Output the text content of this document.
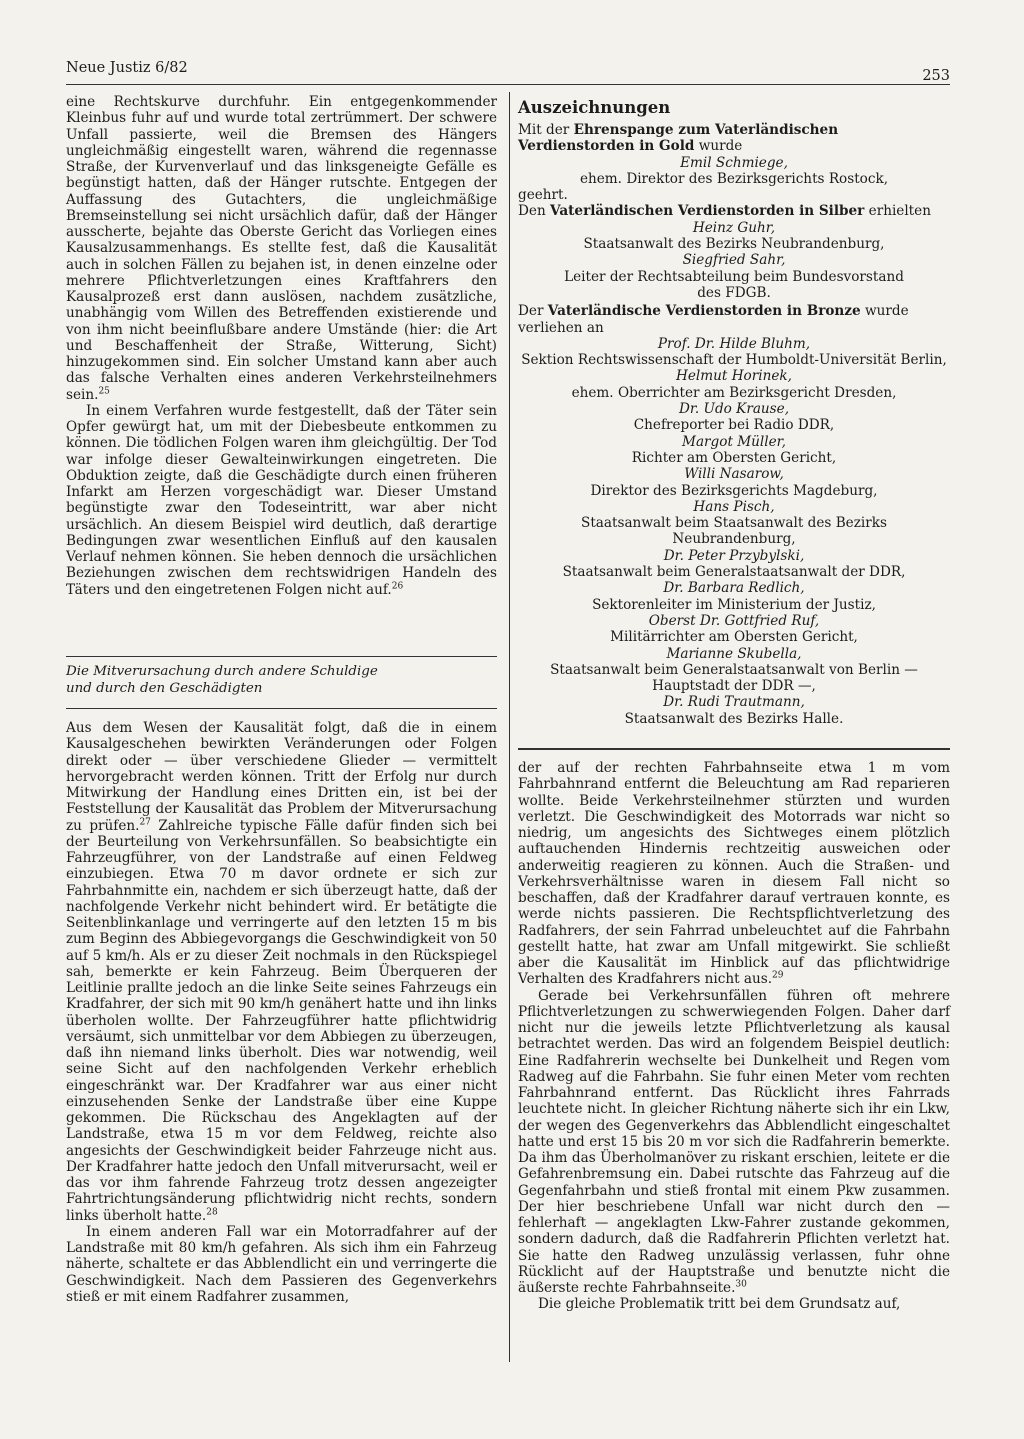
Neue Justiz 6/82	253

eine Rechtskurve durchfuhr. Ein entgegenkommender Kleinbus fuhr auf und wurde total zertrümmert. Der schwere Unfall passierte, weil die Bremsen des Hängers ungleichmäßig eingestellt waren, während die regennasse Straße, der Kurvenverlauf und das linksgeneigte Gefälle es begünstigt hatten, daß der Hänger rutschte. Entgegen der Auffassung des Gutachters, die ungleichmäßige Bremseinstellung sei nicht ursächlich dafür, daß der Hänger ausscherte, bejahte das Oberste Gericht das Vorliegen eines Kausalzusammenhangs. Es stellte fest, daß die Kausalität auch in solchen Fällen zu bejahen ist, in denen einzelne oder mehrere Pflichtverletzungen eines Kraftfahrers den Kausalprozeß erst dann auslösen, nachdem zusätzliche, unabhängig vom Willen des Betreffenden existierende und von ihm nicht beeinflußbare andere Umstände (hier: die Art und Beschaffenheit der Straße, Witterung, Sicht) hinzugekommen sind. Ein solcher Umstand kann aber auch das falsche Verhalten eines anderen Verkehrsteilnehmers sein.$^{25}$

In einem Verfahren wurde festgestellt, daß der Täter sein Opfer gewürgt hat, um mit der Diebesbeute entkommen zu können. Die tödlichen Folgen waren ihm gleichgültig. Der Tod war infolge dieser Gewalteinwirkungen eingetreten. Die Obduktion zeigte, daß die Geschädigte durch einen früheren Infarkt am Herzen vorgeschädigt war. Dieser Umstand begünstigte zwar den Todeseintritt, war aber nicht ursächlich. An diesem Beispiel wird deutlich, daß derartige Bedingungen zwar wesentlichen Einfluß auf den kausalen Verlauf nehmen können. Sie heben dennoch die ursächlichen Beziehungen zwischen dem rechtswidrigen Handeln des Täters und den eingetretenen Folgen nicht auf.$^{26}$

Die Mitverursachung durch andere Schuldige
und durch den Geschädigten

Aus dem Wesen der Kausalität folgt, daß die in einem Kausalgeschehen bewirkten Veränderungen oder Folgen direkt oder — über verschiedene Glieder — vermittelt hervorgebracht werden können. Tritt der Erfolg nur durch Mitwirkung der Handlung eines Dritten ein, ist bei der Feststellung der Kausalität das Problem der Mitverursachung zu prüfen.$^{27}$ Zahlreiche typische Fälle dafür finden sich bei der Beurteilung von Verkehrsunfällen. So beabsichtigte ein Fahrzeugführer, von der Landstraße auf einen Feldweg einzubiegen. Etwa 70 m davor ordnete er sich zur Fahrbahnmitte ein, nachdem er sich überzeugt hatte, daß der nachfolgende Verkehr nicht behindert wird. Er betätigte die Seitenblinkanlage und verringerte auf den letzten 15 m bis zum Beginn des Abbiegevorgangs die Geschwindigkeit von 50 auf 5 km/h. Als er zu dieser Zeit nochmals in den Rückspiegel sah, bemerkte er kein Fahrzeug. Beim Überqueren der Leitlinie prallte jedoch an die linke Seite seines Fahrzeugs ein Kradfahrer, der sich mit 90 km/h genähert hatte und ihn links überholen wollte. Der Fahrzeugführer hatte pflichtwidrig versäumt, sich unmittelbar vor dem Abbiegen zu überzeugen, daß ihn niemand links überholt. Dies war notwendig, weil seine Sicht auf den nachfolgenden Verkehr erheblich eingeschränkt war. Der Kradfahrer war aus einer nicht einzusehenden Senke der Landstraße über eine Kuppe gekommen. Die Rückschau des Angeklagten auf der Landstraße, etwa 15 m vor dem Feldweg, reichte also angesichts der Geschwindigkeit beider Fahrzeuge nicht aus. Der Kradfahrer hatte jedoch den Unfall mitverursacht, weil er das vor ihm fahrende Fahrzeug trotz dessen angezeigter Fahrtrichtungsänderung pflichtwidrig nicht rechts, sondern links überholt hatte.$^{28}$

In einem anderen Fall war ein Motorradfahrer auf der Landstraße mit 80 km/h gefahren. Als sich ihm ein Fahrzeug näherte, schaltete er das Abblendlicht ein und verringerte die Geschwindigkeit. Nach dem Passieren des Gegenverkehrs stieß er mit einem Radfahrer zusammen,

Auszeichnungen

Mit der Ehrenspange zum Vaterländischen Verdienstorden in Gold wurde

Emil Schmiege,

ehem. Direktor des Bezirksgerichts Rostock,

geehrt.

Den Vaterländischen Verdienstorden in Silber erhielten

Heinz Guhr,

Staatsanwalt des Bezirks Neubrandenburg,

Siegfried Sahr,

Leiter der Rechtsabteilung beim Bundesvorstand des FDGB.

Der Vaterländische Verdienstorden in Bronze wurde verliehen an

Prof. Dr. Hilde Bluhm,

Sektion Rechtswissenschaft der Humboldt-Universität Berlin,

Helmut Horinek,

ehem. Oberrichter am Bezirksgericht Dresden,

Dr. Udo Krause,

Chefreporter bei Radio DDR,

Margot Müller,

Richter am Obersten Gericht,

Willi Nasarow,

Direktor des Bezirksgerichts Magdeburg,

Hans Pisch,

Staatsanwalt beim Staatsanwalt des Bezirks Neubrandenburg,

Dr. Peter Przybylski,

Staatsanwalt beim Generalstaatsanwalt der DDR,

Dr. Barbara Redlich,

Sektorenleiter im Ministerium der Justiz,

Oberst Dr. Gottfried Ruf,

Militärrichter am Obersten Gericht,

Marianne Skubella,

Staatsanwalt beim Generalstaatsanwalt von Berlin — Hauptstadt der DDR —,

Dr. Rudi Trautmann,

Staatsanwalt des Bezirks Halle.

der auf der rechten Fahrbahnseite etwa 1 m vom Fahrbahnrand entfernt die Beleuchtung am Rad reparieren wollte. Beide Verkehrsteilnehmer stürzten und wurden verletzt. Die Geschwindigkeit des Motorrads war nicht so niedrig, um angesichts des Sichtweges einem plötzlich auftauchenden Hindernis rechtzeitig ausweichen oder anderweitig reagieren zu können. Auch die Straßen- und Verkehrsverhältnisse waren in diesem Fall nicht so beschaffen, daß der Kradfahrer darauf vertrauen konnte, es werde nichts passieren. Die Rechtspflichtverletzung des Radfahrers, der sein Fahrrad unbeleuchtet auf die Fahrbahn gestellt hatte, hat zwar am Unfall mitgewirkt. Sie schließt aber die Kausalität im Hinblick auf das pflichtwidrige Verhalten des Kradfahrers nicht aus.$^{29}$

Gerade bei Verkehrsunfällen führen oft mehrere Pflichtverletzungen zu schwerwiegenden Folgen. Daher darf nicht nur die jeweils letzte Pflichtverletzung als kausal betrachtet werden. Das wird an folgendem Beispiel deutlich: Eine Radfahrerin wechselte bei Dunkelheit und Regen vom Radweg auf die Fahrbahn. Sie fuhr einen Meter vom rechten Fahrbahnrand entfernt. Das Rücklicht ihres Fahrrads leuchtete nicht. In gleicher Richtung näherte sich ihr ein Lkw, der wegen des Gegenverkehrs das Abblendlicht eingeschaltet hatte und erst 15 bis 20 m vor sich die Radfahrerin bemerkte. Da ihm das Überholmanöver zu riskant erschien, leitete er die Gefahrenbremsung ein. Dabei rutschte das Fahrzeug auf die Gegenfahrbahn und stieß frontal mit einem Pkw zusammen. Der hier beschriebene Unfall war nicht durch den — fehlerhaft — angeklagten Lkw-Fahrer zustande gekommen, sondern dadurch, daß die Radfahrerin Pflichten verletzt hat. Sie hatte den Radweg unzulässig verlassen, fuhr ohne Rücklicht auf der Hauptstraße und benutzte nicht die äußerste rechte Fahrbahnseite.$^{30}$

Die gleiche Problematik tritt bei dem Grundsatz auf,
